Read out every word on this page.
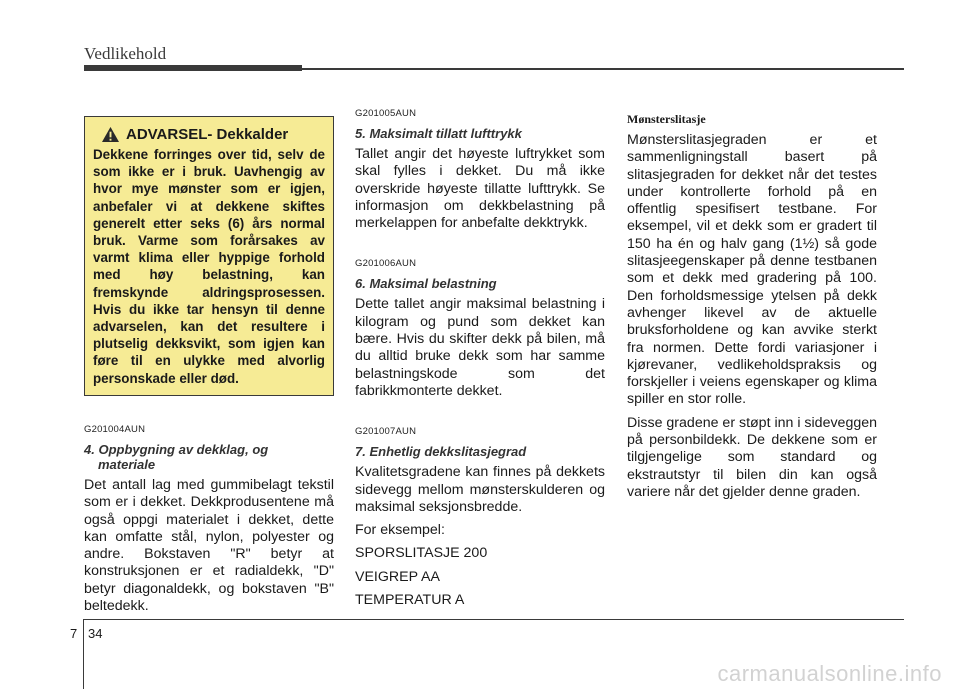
Vedlikehold
ADVARSEL- Dekkalder
Dekkene forringes over tid, selv de som ikke er i bruk. Uavhengig av hvor mye mønster som er igjen, anbefaler vi at dekkene skiftes generelt etter seks (6) års normal bruk. Varme som forårsakes av varmt klima eller hyppige forhold med høy belastning, kan fremskynde aldringsprosessen. Hvis du ikke tar hensyn til denne advarselen, kan det resultere i plutselig dekksvikt, som igjen kan føre til en ulykke med alvorlig personskade eller død.
G201004AUN
4. Oppbygning av dekklag, og
materiale
Det antall lag med gummibelagt tekstil som er i dekket. Dekkprodusentene må også oppgi materialet i dekket, dette kan omfatte stål, nylon, polyester og andre. Bokstaven "R" betyr at konstruksjonen er et radialdekk, "D" betyr diagonaldekk, og bokstaven "B" beltedekk.
G201005AUN
5. Maksimalt tillatt lufttrykk
Tallet angir det høyeste luftrykket som skal fylles i dekket. Du må ikke overskride høyeste tillatte lufttrykk. Se informasjon om dekkbelastning på merkelappen for anbefalte dekktrykk.
G201006AUN
6. Maksimal belastning
Dette tallet angir maksimal belastning i kilogram og pund som dekket kan bære. Hvis du skifter dekk på bilen, må du alltid bruke dekk som har samme belastningskode som det fabrikkmonterte dekket.
G201007AUN
7. Enhetlig dekkslitasjegrad
Kvalitetsgradene kan finnes på dekkets sidevegg mellom mønsterskulderen og maksimal seksjonsbredde.
For eksempel:
SPORSLITASJE 200
VEIGREP AA
TEMPERATUR A
Mønsterslitasje
Mønsterslitasjegraden er et sammenligningstall basert på slitasjegraden for dekket når det testes under kontrollerte forhold på en offentlig spesifisert testbane. For eksempel, vil et dekk som er gradert til 150 ha én og halv gang (1½) så gode slitasjeegenskaper på denne testbanen som et dekk med gradering på 100. Den forholdsmessige ytelsen på dekk avhenger likevel av de aktuelle bruksforholdene og kan avvike sterkt fra normen. Dette fordi variasjoner i kjørevaner, vedlikeholdspraksis og forskjeller i veiens egenskaper og klima spiller en stor rolle.
Disse gradene er støpt inn i sideveggen på personbildekk. De dekkene som er tilgjengelige som standard og ekstrautstyr til bilen din kan også variere når det gjelder denne graden.
7 34
carmanualsonline.info
